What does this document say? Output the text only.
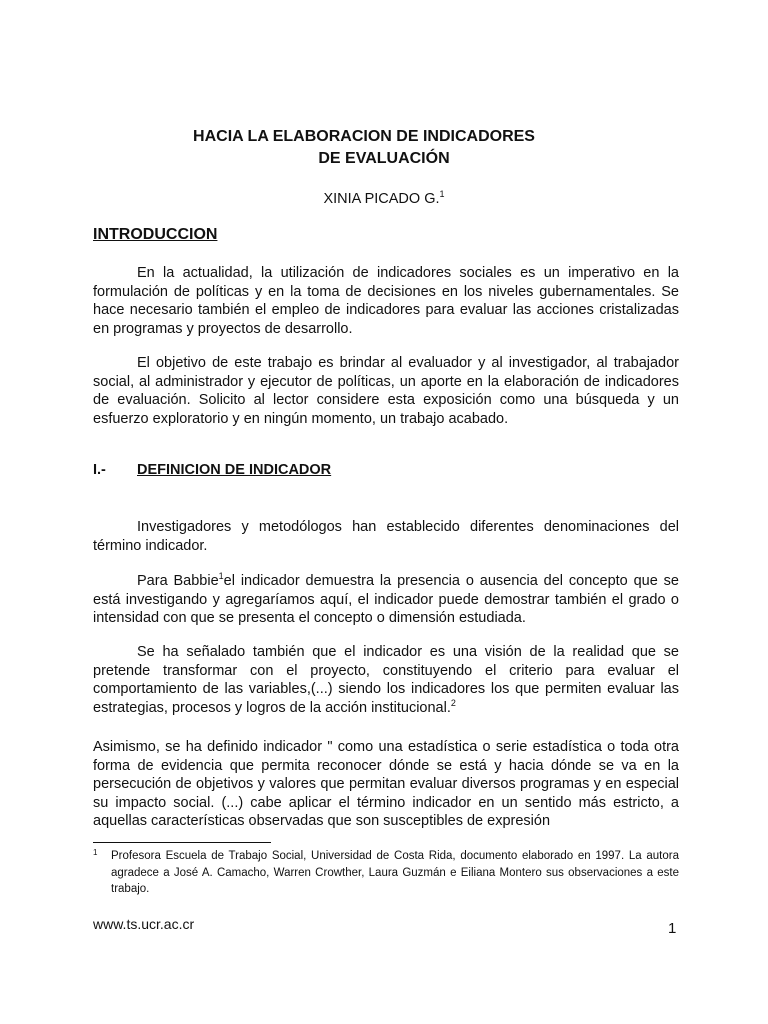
HACIA LA ELABORACION DE INDICADORES
DE EVALUACIÓN
XINIA PICADO G.$^1$
INTRODUCCION
En la actualidad, la utilización de indicadores sociales es un imperativo en la formulación de políticas y en la toma de decisiones en los niveles gubernamentales. Se hace necesario también el empleo de indicadores para evaluar las acciones cristalizadas en programas y proyectos de desarrollo.
El objetivo de este trabajo es brindar al evaluador y al investigador, al trabajador social, al administrador y ejecutor de políticas, un aporte en la elaboración de indicadores de evaluación. Solicito al lector considere esta exposición como una búsqueda y un esfuerzo exploratorio y en ningún momento, un trabajo acabado.
I.- DEFINICION DE INDICADOR
Investigadores y metodólogos han establecido diferentes denominaciones del término indicador.
Para Babbie$^1$el indicador demuestra la presencia o ausencia del concepto que se está investigando y agregaríamos aquí, el indicador puede demostrar también el grado o intensidad con que se presenta el concepto o dimensión estudiada.
Se ha señalado también que el indicador es una visión de la realidad que se pretende transformar con el proyecto, constituyendo el criterio para evaluar el comportamiento de las variables,(...) siendo los indicadores los que permiten evaluar las estrategias, procesos y logros de la acción institucional.$^2$
Asimismo, se ha definido indicador " como una estadística o serie estadística o toda otra forma de evidencia que permita reconocer dónde se está y hacia dónde se va en la persecución de objetivos y valores que permitan evaluar diversos programas y en especial su impacto social. (...) cabe aplicar el término indicador en un sentido más estricto, a aquellas características observadas que son susceptibles de expresión
1 Profesora Escuela de Trabajo Social, Universidad de Costa Rida, documento elaborado en 1997. La autora agradece a José A. Camacho, Warren Crowther, Laura Guzmán e Eiliana Montero sus observaciones a este trabajo.
www.ts.ucr.ac.cr	1
